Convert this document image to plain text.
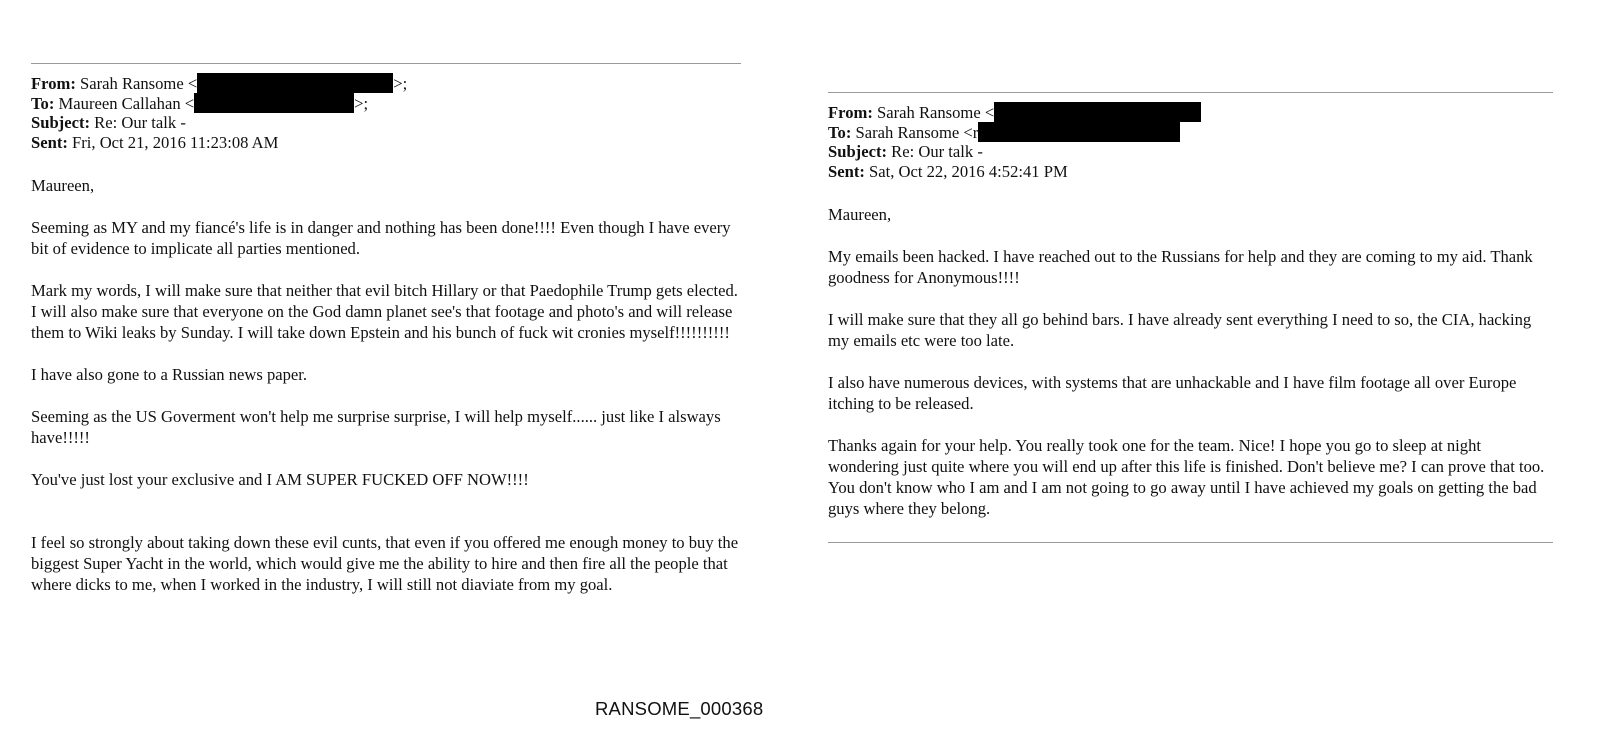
From: Sarah Ransome <	>;
To: Maureen Callahan <	>;
Subject: Re: Our talk -
Sent: Fri, Oct 21, 2016 11:23:08 AM

Maureen,

Seeming as MY and my fiancé's life is in danger and nothing has been done!!!! Even though I have every bit of evidence to implicate all parties mentioned.

Mark my words, I will make sure that neither that evil bitch Hillary or that Paedophile Trump gets elected. I will also make sure that everyone on the God damn planet see's that footage and photo's and will release them to Wiki leaks by Sunday. I will take down Epstein and his bunch of fuck wit cronies myself!!!!!!!!!!

I have also gone to a Russian news paper.

Seeming as the US Goverment won't help me surprise surprise, I will help myself...... just like I alsways have!!!!!

You've just lost your exclusive and I AM SUPER FUCKED OFF NOW!!!!

I feel so strongly about taking down these evil cunts, that even if you offered me enough money to buy the biggest Super Yacht in the world, which would give me the ability to hire and then fire all the people that where dicks to me, when I worked in the industry, I will still not diaviate from my goal.

From: Sarah Ransome <
To: Sarah Ransome <r
Subject: Re: Our talk -
Sent: Sat, Oct 22, 2016 4:52:41 PM

Maureen,

My emails been hacked. I have reached out to the Russians for help and they are coming to my aid. Thank goodness for Anonymous!!!!

I will make sure that they all go behind bars. I have already sent everything I need to so, the CIA, hacking my emails etc were too late.

I also have numerous devices, with systems that are unhackable and I have film footage all over Europe itching to be released.

Thanks again for your help. You really took one for the team. Nice! I hope you go to sleep at night wondering just quite where you will end up after this life is finished. Don't believe me? I can prove that too. You don't know who I am and I am not going to go away until I have achieved my goals on getting the bad guys where they belong.

RANSOME_000368
